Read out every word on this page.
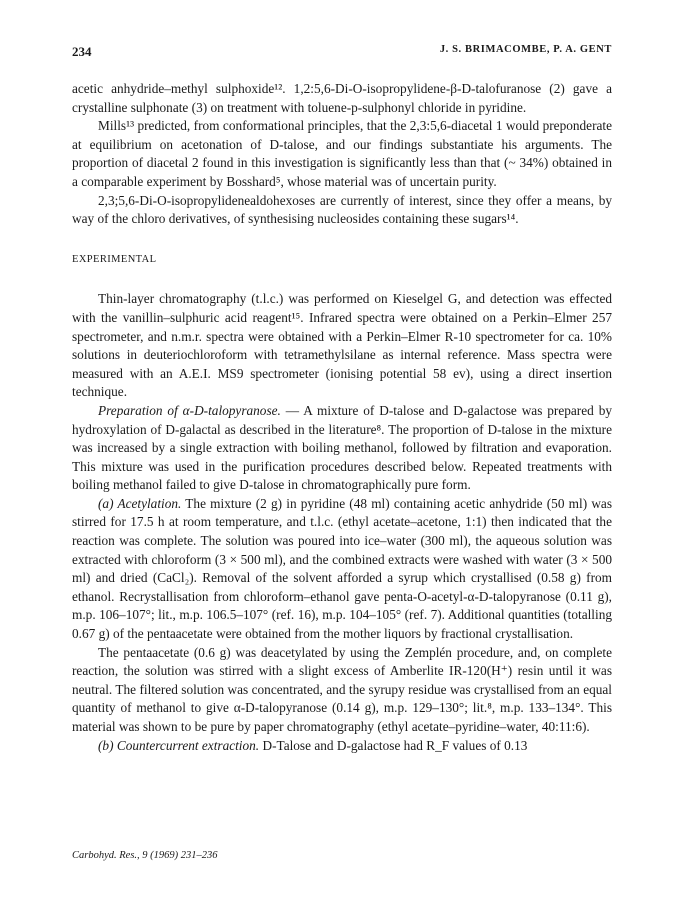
234	J. S. BRIMACOMBE, P. A. GENT

acetic anhydride–methyl sulphoxide¹². 1,2:5,6-Di-O-isopropylidene-β-D-talofuranose (2) gave a crystalline sulphonate (3) on treatment with toluene-p-sulphonyl chloride in pyridine.

Mills¹³ predicted, from conformational principles, that the 2,3:5,6-diacetal 1 would preponderate at equilibrium on acetonation of D-talose, and our findings substantiate his arguments. The proportion of diacetal 2 found in this investigation is significantly less than that (~ 34%) obtained in a comparable experiment by Bosshard⁵, whose material was of uncertain purity.

2,3;5,6-Di-O-isopropylidenealdohexoses are currently of interest, since they offer a means, by way of the chloro derivatives, of synthesising nucleosides containing these sugars¹⁴.

EXPERIMENTAL

Thin-layer chromatography (t.l.c.) was performed on Kieselgel G, and detection was effected with the vanillin–sulphuric acid reagent¹⁵. Infrared spectra were obtained on a Perkin–Elmer 257 spectrometer, and n.m.r. spectra were obtained with a Perkin–Elmer R-10 spectrometer for ca. 10% solutions in deuteriochloroform with tetramethylsilane as internal reference. Mass spectra were measured with an A.E.I. MS9 spectrometer (ionising potential 58 ev), using a direct insertion technique.

Preparation of α-D-talopyranose. — A mixture of D-talose and D-galactose was prepared by hydroxylation of D-galactal as described in the literature⁸. The proportion of D-talose in the mixture was increased by a single extraction with boiling methanol, followed by filtration and evaporation. This mixture was used in the purification procedures described below. Repeated treatments with boiling methanol failed to give D-talose in chromatographically pure form.

(a) Acetylation. The mixture (2 g) in pyridine (48 ml) containing acetic anhydride (50 ml) was stirred for 17.5 h at room temperature, and t.l.c. (ethyl acetate–acetone, 1:1) then indicated that the reaction was complete. The solution was poured into ice–water (300 ml), the aqueous solution was extracted with chloroform (3 × 500 ml), and the combined extracts were washed with water (3 × 500 ml) and dried (CaCl₂). Removal of the solvent afforded a syrup which crystallised (0.58 g) from ethanol. Recrystallisation from chloroform–ethanol gave penta-O-acetyl-α-D-talopyranose (0.11 g), m.p. 106–107°; lit., m.p. 106.5–107° (ref. 16), m.p. 104–105° (ref. 7). Additional quantities (totalling 0.67 g) of the pentaacetate were obtained from the mother liquors by fractional crystallisation.

The pentaacetate (0.6 g) was deacetylated by using the Zemplén procedure, and, on complete reaction, the solution was stirred with a slight excess of Amberlite IR-120(H⁺) resin until it was neutral. The filtered solution was concentrated, and the syrupy residue was crystallised from an equal quantity of methanol to give α-D-talopyranose (0.14 g), m.p. 129–130°; lit.⁸, m.p. 133–134°. This material was shown to be pure by paper chromatography (ethyl acetate–pyridine–water, 40:11:6).

(b) Countercurrent extraction. D-Talose and D-galactose had R_F values of 0.13

Carbohyd. Res., 9 (1969) 231–236
